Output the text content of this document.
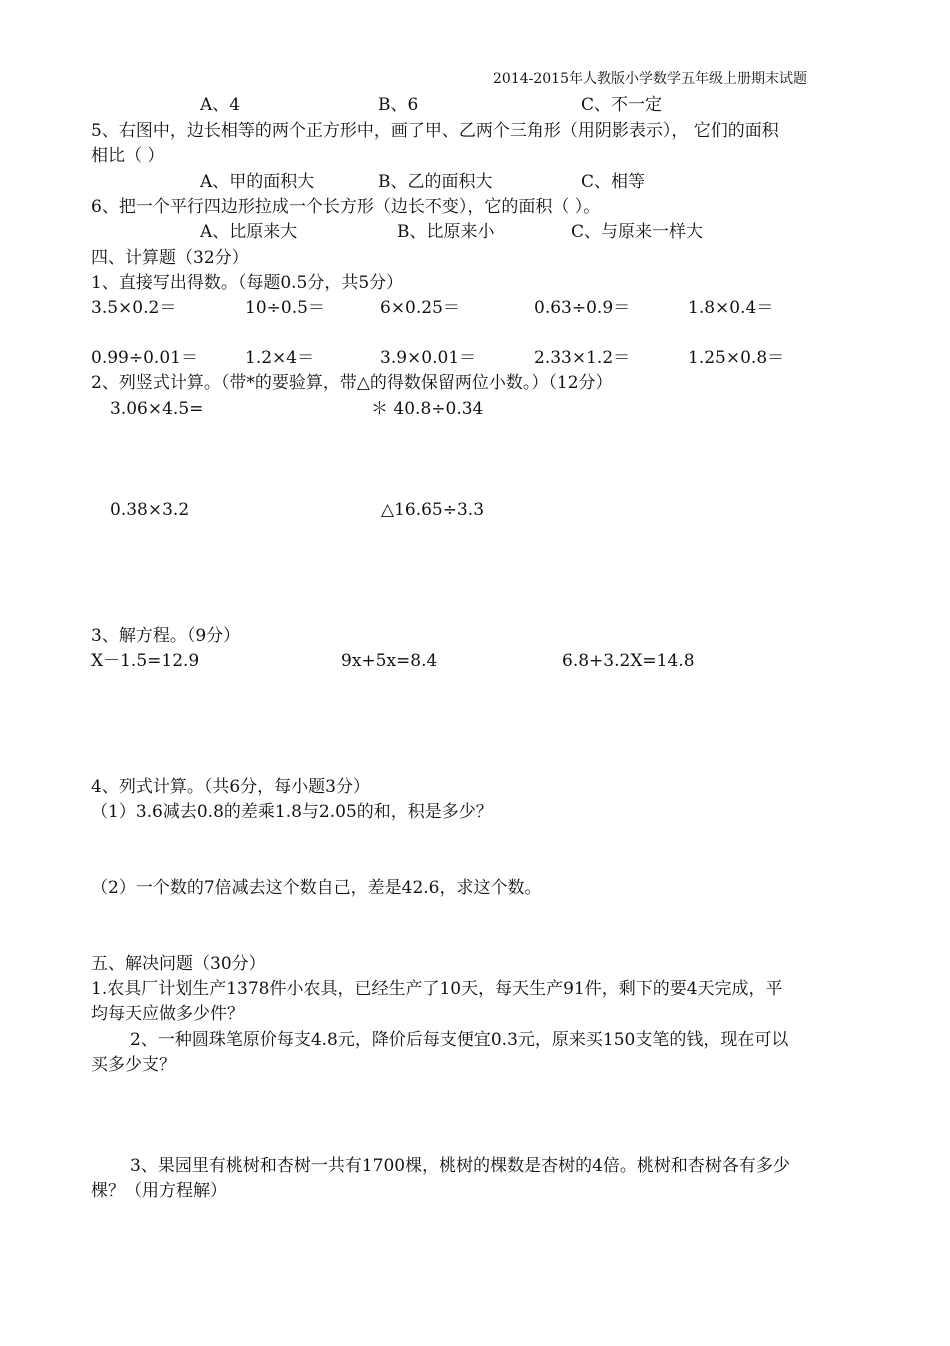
2014-2015年人教版小学数学五年级上册期末试题
A、4	B、6	C、不一定
5、右图中，边长相等的两个正方形中，画了甲、乙两个三角形（用阴影表示）， 它们的面积
相比（ ）
A、甲的面积大	B、乙的面积大	C、相等
6、把一个平行四边形拉成一个长方形（边长不变），它的面积（ ）。
A、比原来大	B、比原来小	C、与原来一样大
四、计算题（32分）
1、直接写出得数。（每题0.5分，共5分）
3.5×0.2＝	10÷0.5＝	6×0.25＝	0.63÷0.9＝	1.8×0.4＝
0.99÷0.01＝	1.2×4＝	3.9×0.01＝	2.33×1.2＝	1.25×0.8＝
2、列竖式计算。（带*的要验算，带△的得数保留两位小数。）（12分）
3.06×4.5=	＊ 40.8÷0.34
0.38×3.2	△16.65÷3.3
3、解方程。（9分）
X－1.5=12.9	9x+5x=8.4	6.8+3.2X=14.8
4、列式计算。（共6分，每小题3分）
（1）3.6减去0.8的差乘1.8与2.05的和，积是多少？
（2）一个数的7倍减去这个数自己，差是42.6，求这个数。
五、解决问题（30分）
1.农具厂计划生产1378件小农具，已经生产了10天，每天生产91件，剩下的要4天完成，平
均每天应做多少件？
2、一种圆珠笔原价每支4.8元，降价后每支便宜0.3元，原来买150支笔的钱，现在可以
买多少支？
3、果园里有桃树和杏树一共有1700棵，桃树的棵数是杏树的4倍。桃树和杏树各有多少
棵？（用方程解）
